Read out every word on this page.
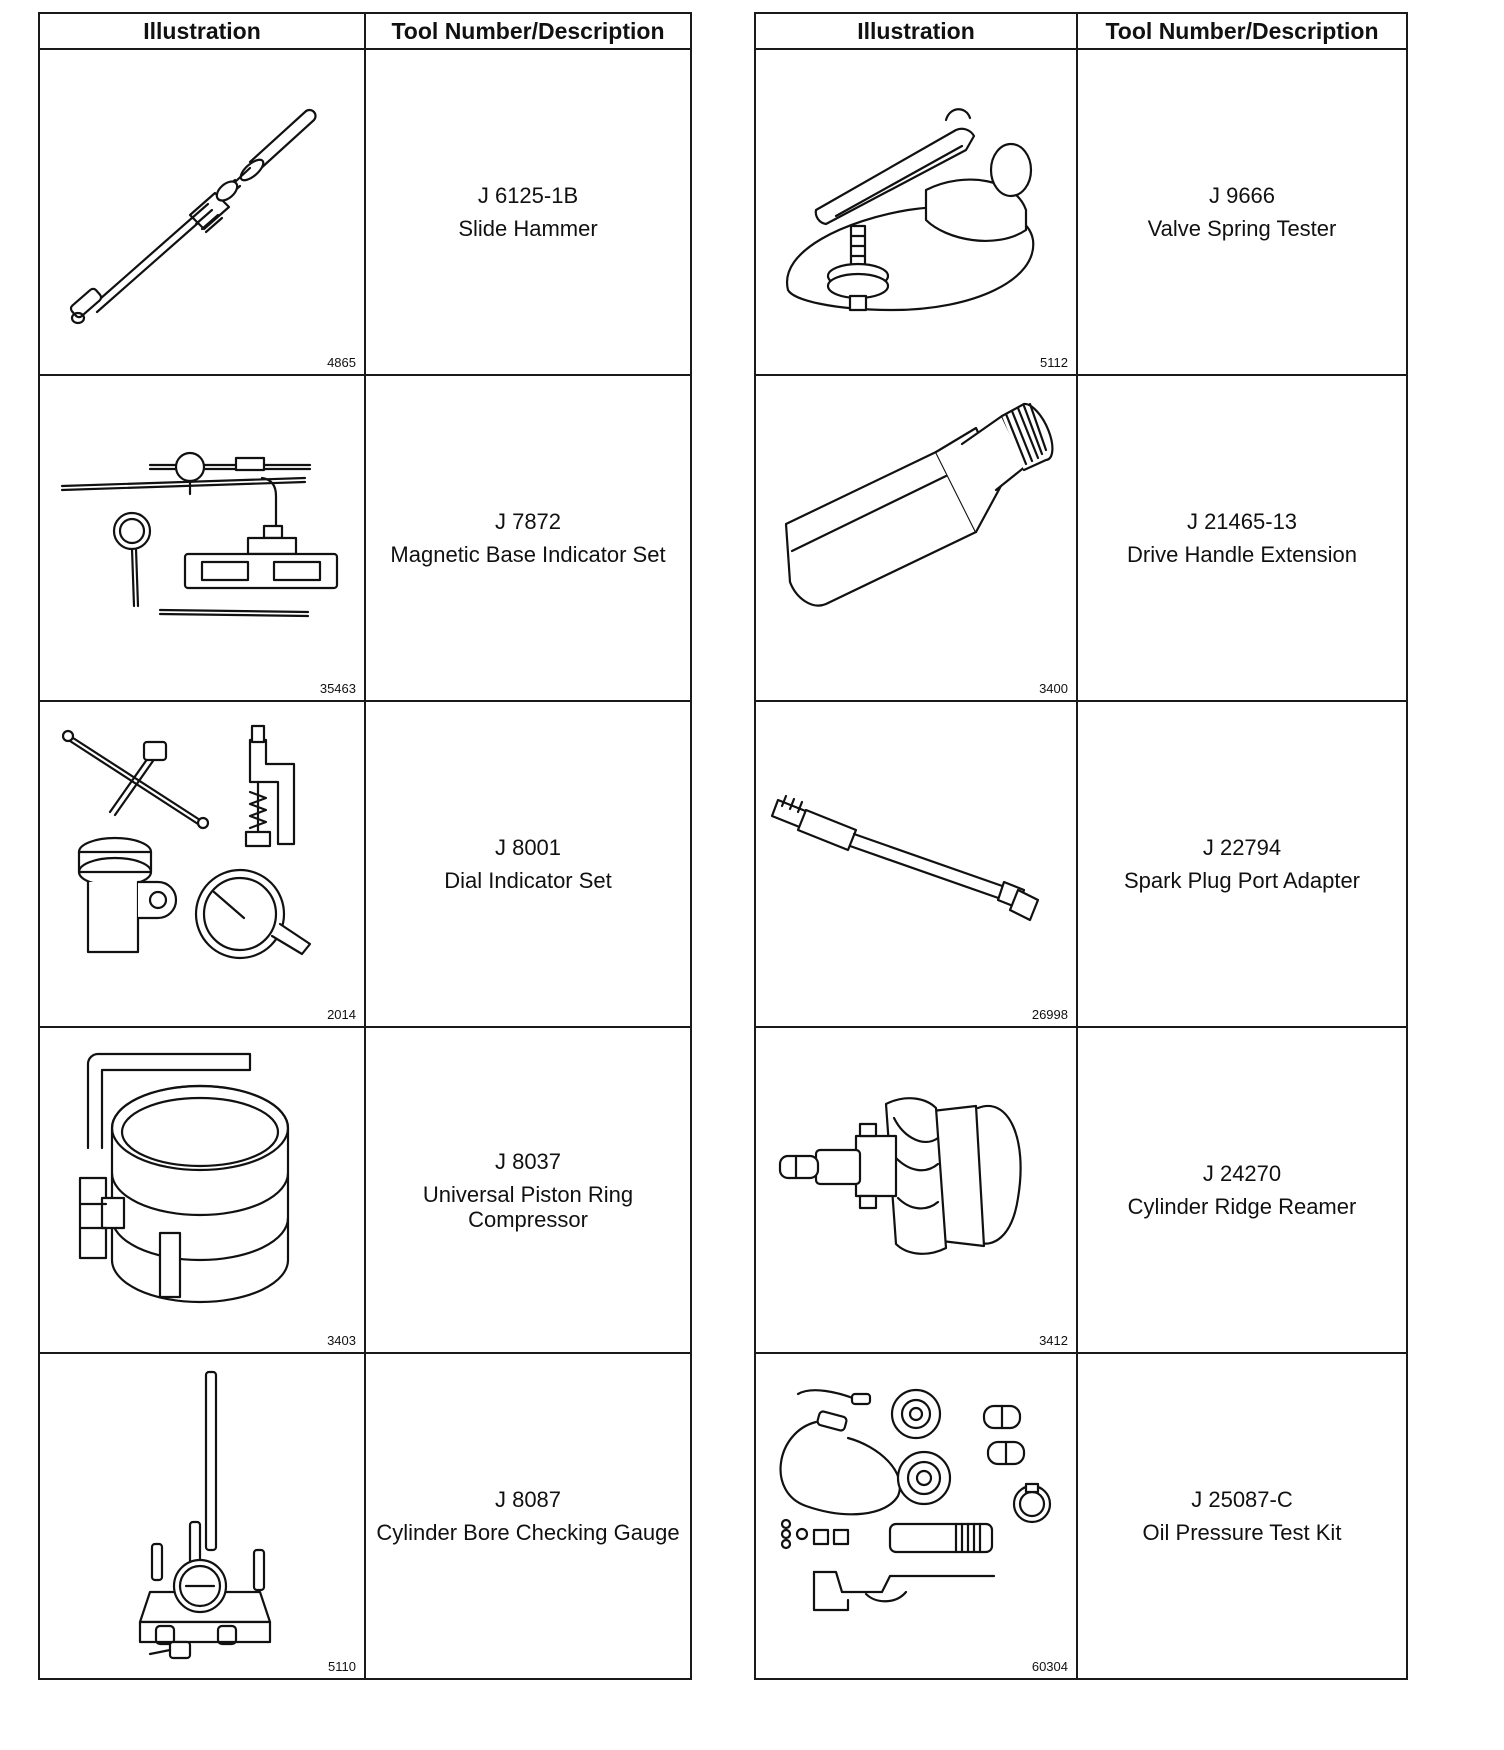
Illustration	Tool Number/Description

4865	J 6125-1B
Slide Hammer

35463	J 7872
Magnetic Base Indicator Set

2014	J 8001
Dial Indicator Set

3403	J 8037
Universal Piston Ring Compressor

5110	J 8087
Cylinder Bore Checking Gauge
Illustration	Tool Number/Description

5112	J 9666
Valve Spring Tester

3400	J 21465-13
Drive Handle Extension

26998	J 22794
Spark Plug Port Adapter

3412	J 24270
Cylinder Ridge Reamer

60304	J 25087-C
Oil Pressure Test Kit
